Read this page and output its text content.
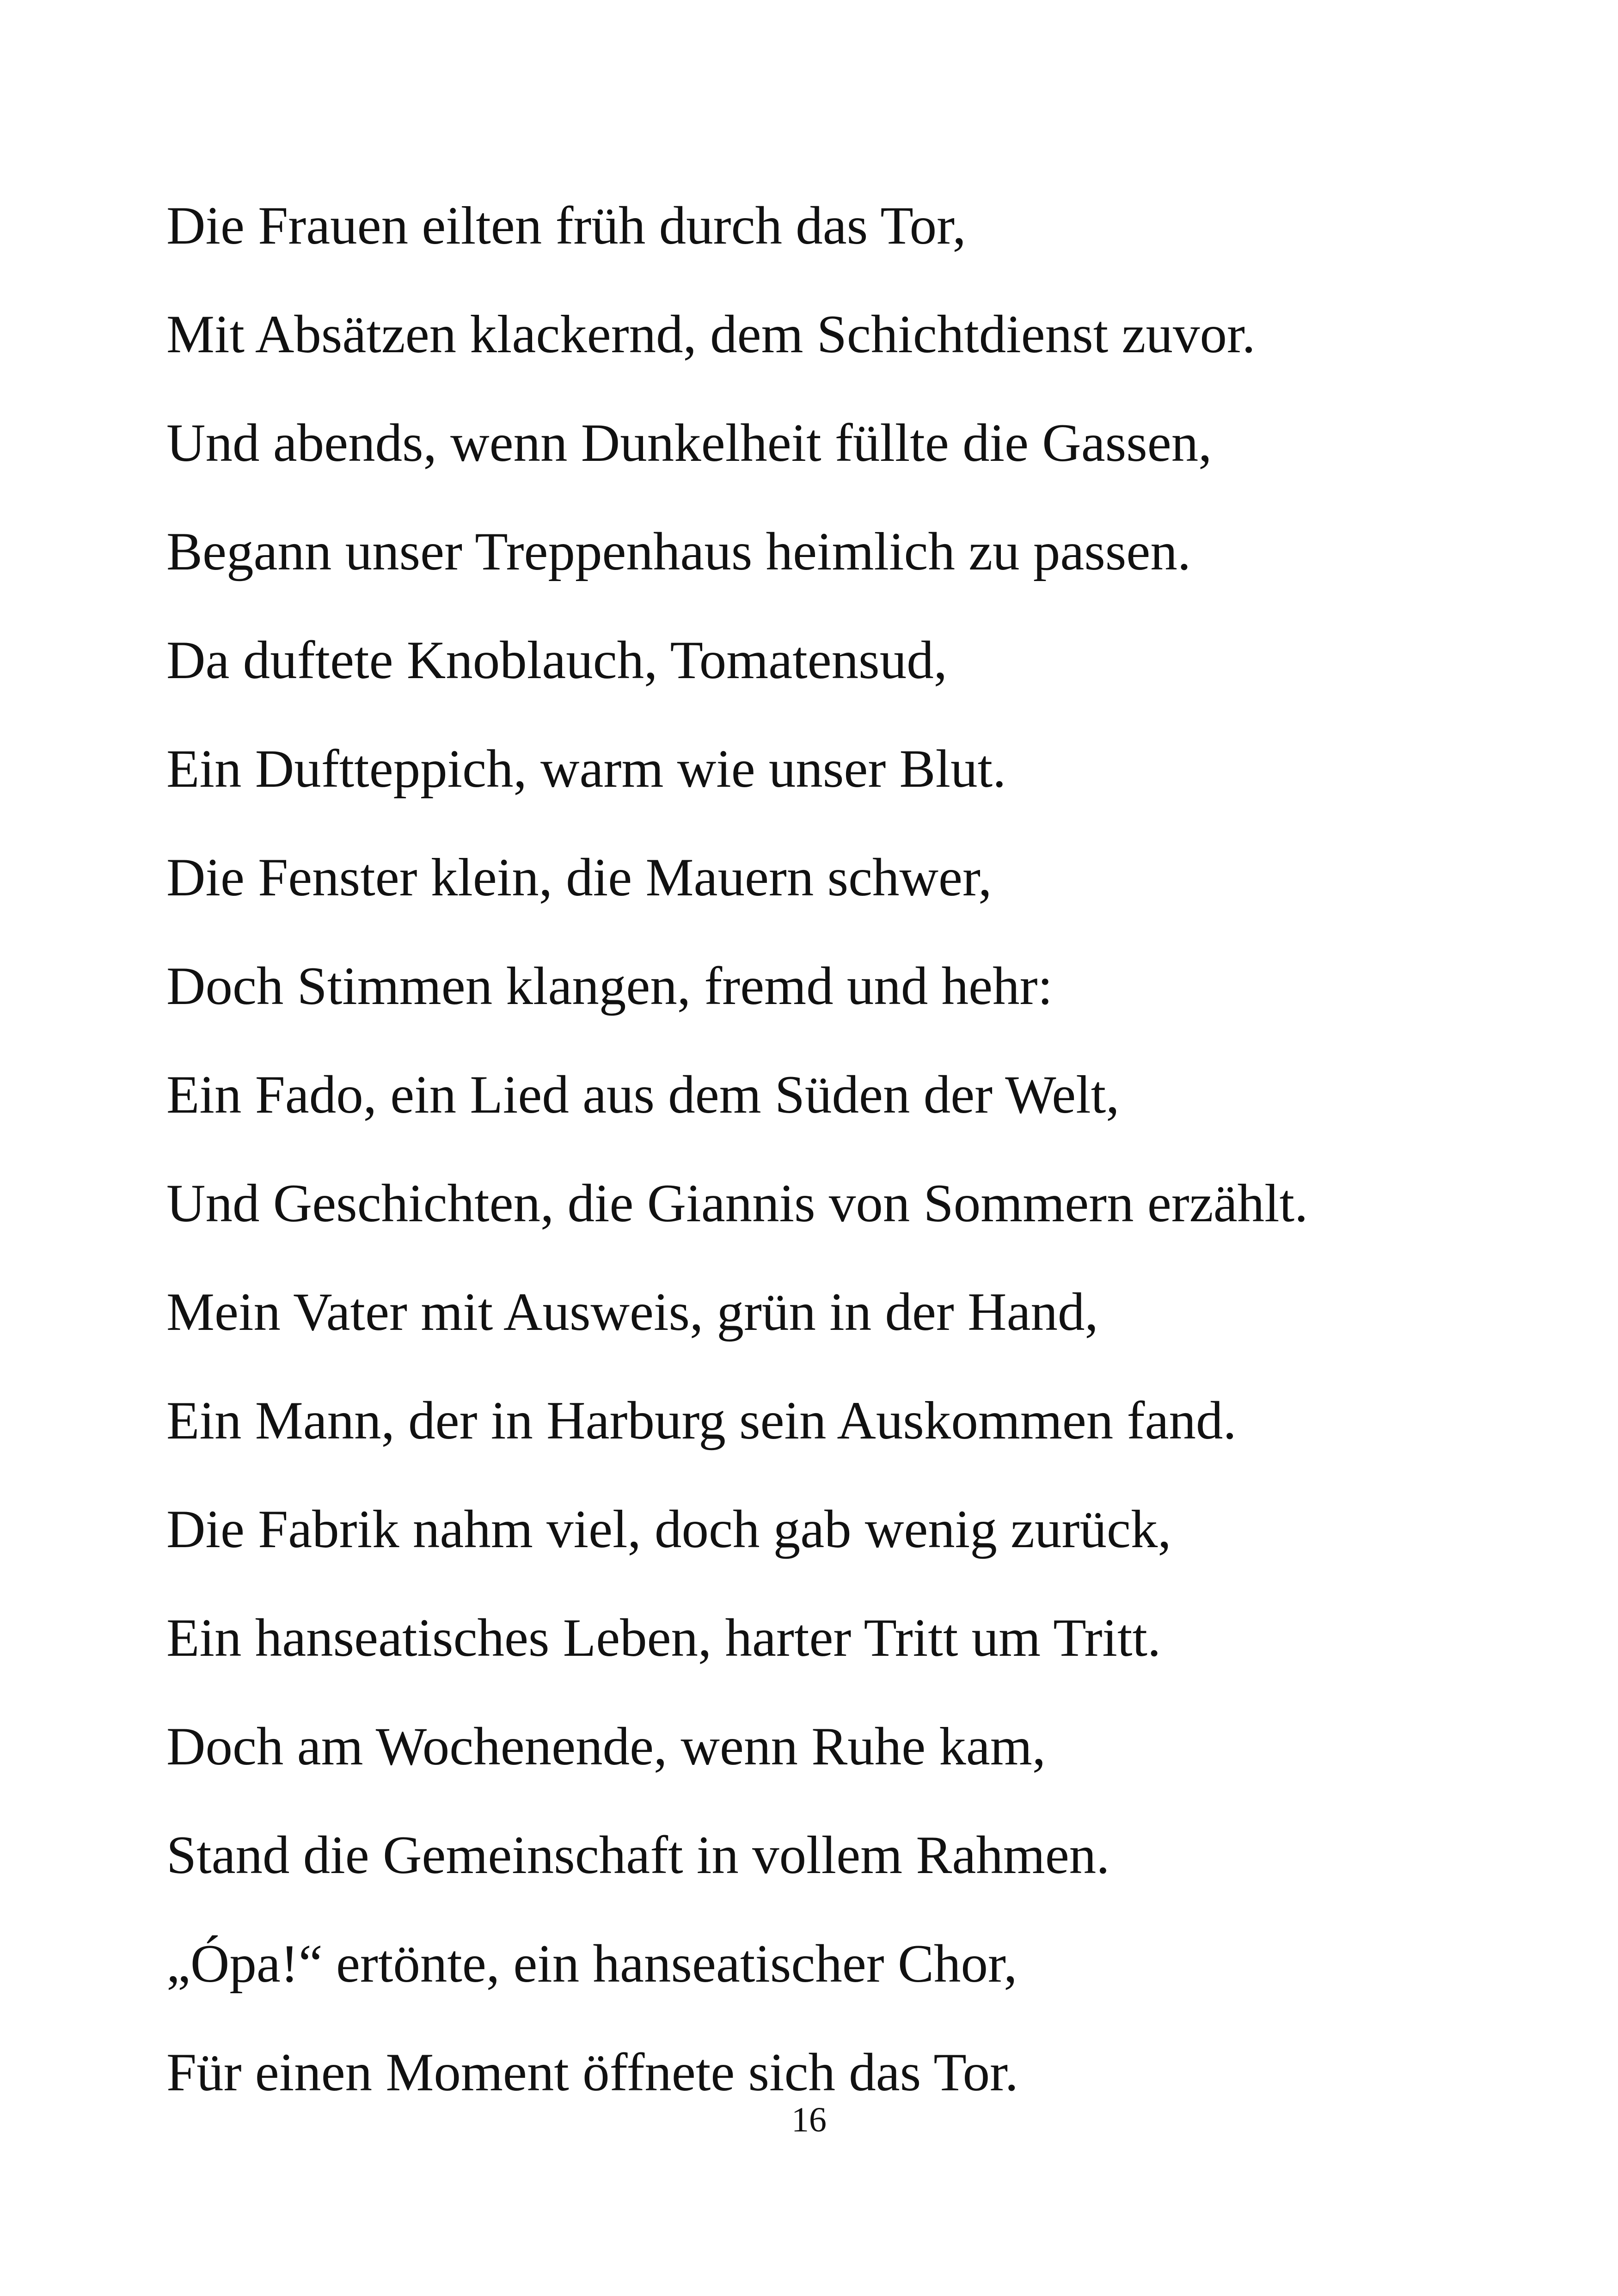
Die Frauen eilten früh durch das Tor,
Mit Absätzen klackernd, dem Schichtdienst zuvor.
Und abends, wenn Dunkelheit füllte die Gassen,
Begann unser Treppenhaus heimlich zu passen.
Da duftete Knoblauch, Tomatensud,
Ein Duftteppich, warm wie unser Blut.
Die Fenster klein, die Mauern schwer,
Doch Stimmen klangen, fremd und hehr:
Ein Fado, ein Lied aus dem Süden der Welt,
Und Geschichten, die Giannis von Sommern erzählt.
Mein Vater mit Ausweis, grün in der Hand,
Ein Mann, der in Harburg sein Auskommen fand.
Die Fabrik nahm viel, doch gab wenig zurück,
Ein hanseatisches Leben, harter Tritt um Tritt.
Doch am Wochenende, wenn Ruhe kam,
Stand die Gemeinschaft in vollem Rahmen.
„Ópa!“ ertönte, ein hanseatischer Chor,
Für einen Moment öffnete sich das Tor.
16
